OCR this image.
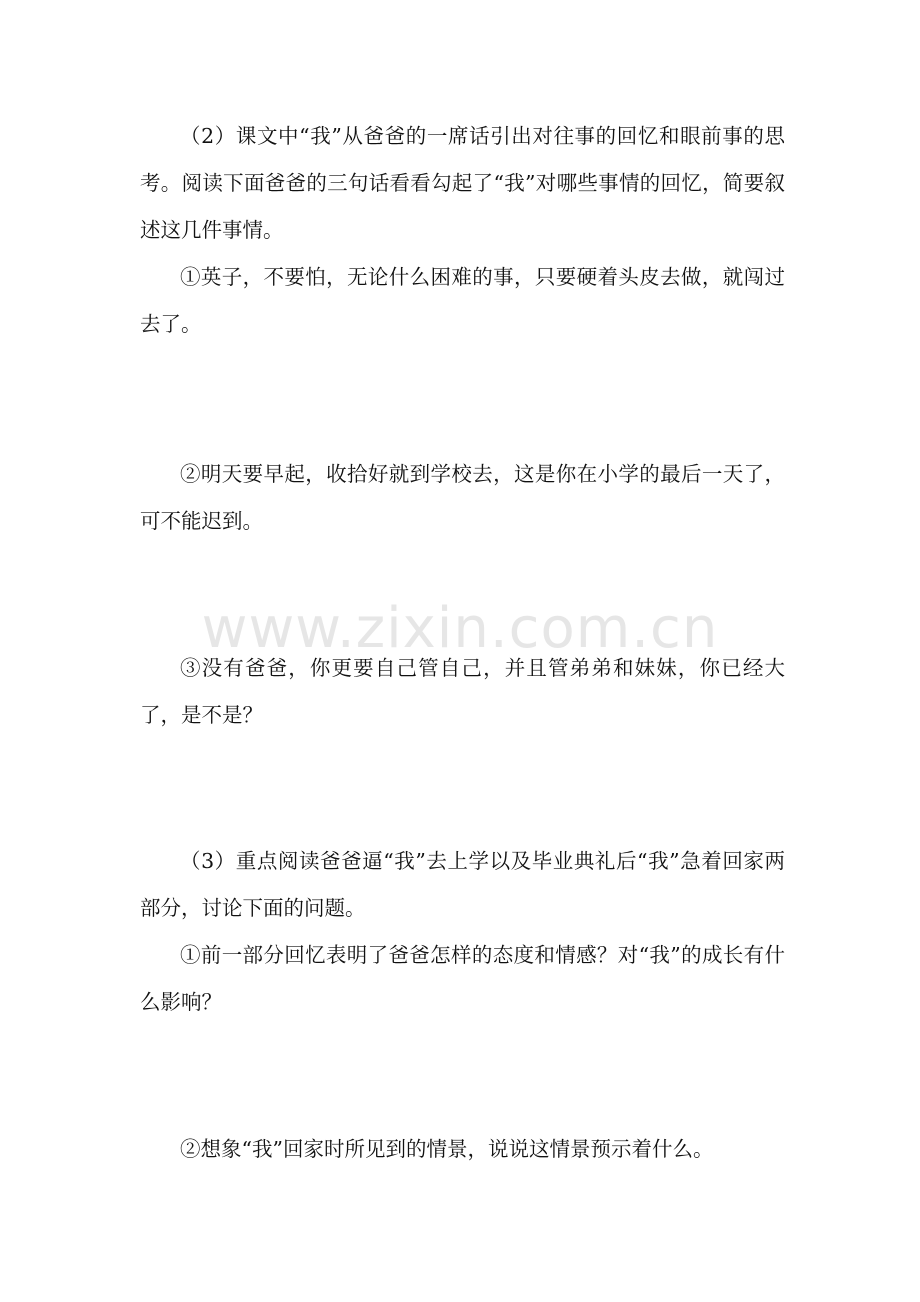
www.zixin.com.cn

（2）课文中“我”从爸爸的一席话引出对往事的回忆和眼前事的思考。阅读下面爸爸的三句话看看勾起了“我”对哪些事情的回忆，简要叙述这几件事情。

①英子，不要怕，无论什么困难的事，只要硬着头皮去做，就闯过去了。

②明天要早起，收拾好就到学校去，这是你在小学的最后一天了，可不能迟到。

③没有爸爸，你更要自己管自己，并且管弟弟和妹妹，你已经大了，是不是？

（3）重点阅读爸爸逼“我”去上学以及毕业典礼后“我”急着回家两部分，讨论下面的问题。

①前一部分回忆表明了爸爸怎样的态度和情感？对“我”的成长有什么影响？

②想象“我”回家时所见到的情景，说说这情景预示着什么。
